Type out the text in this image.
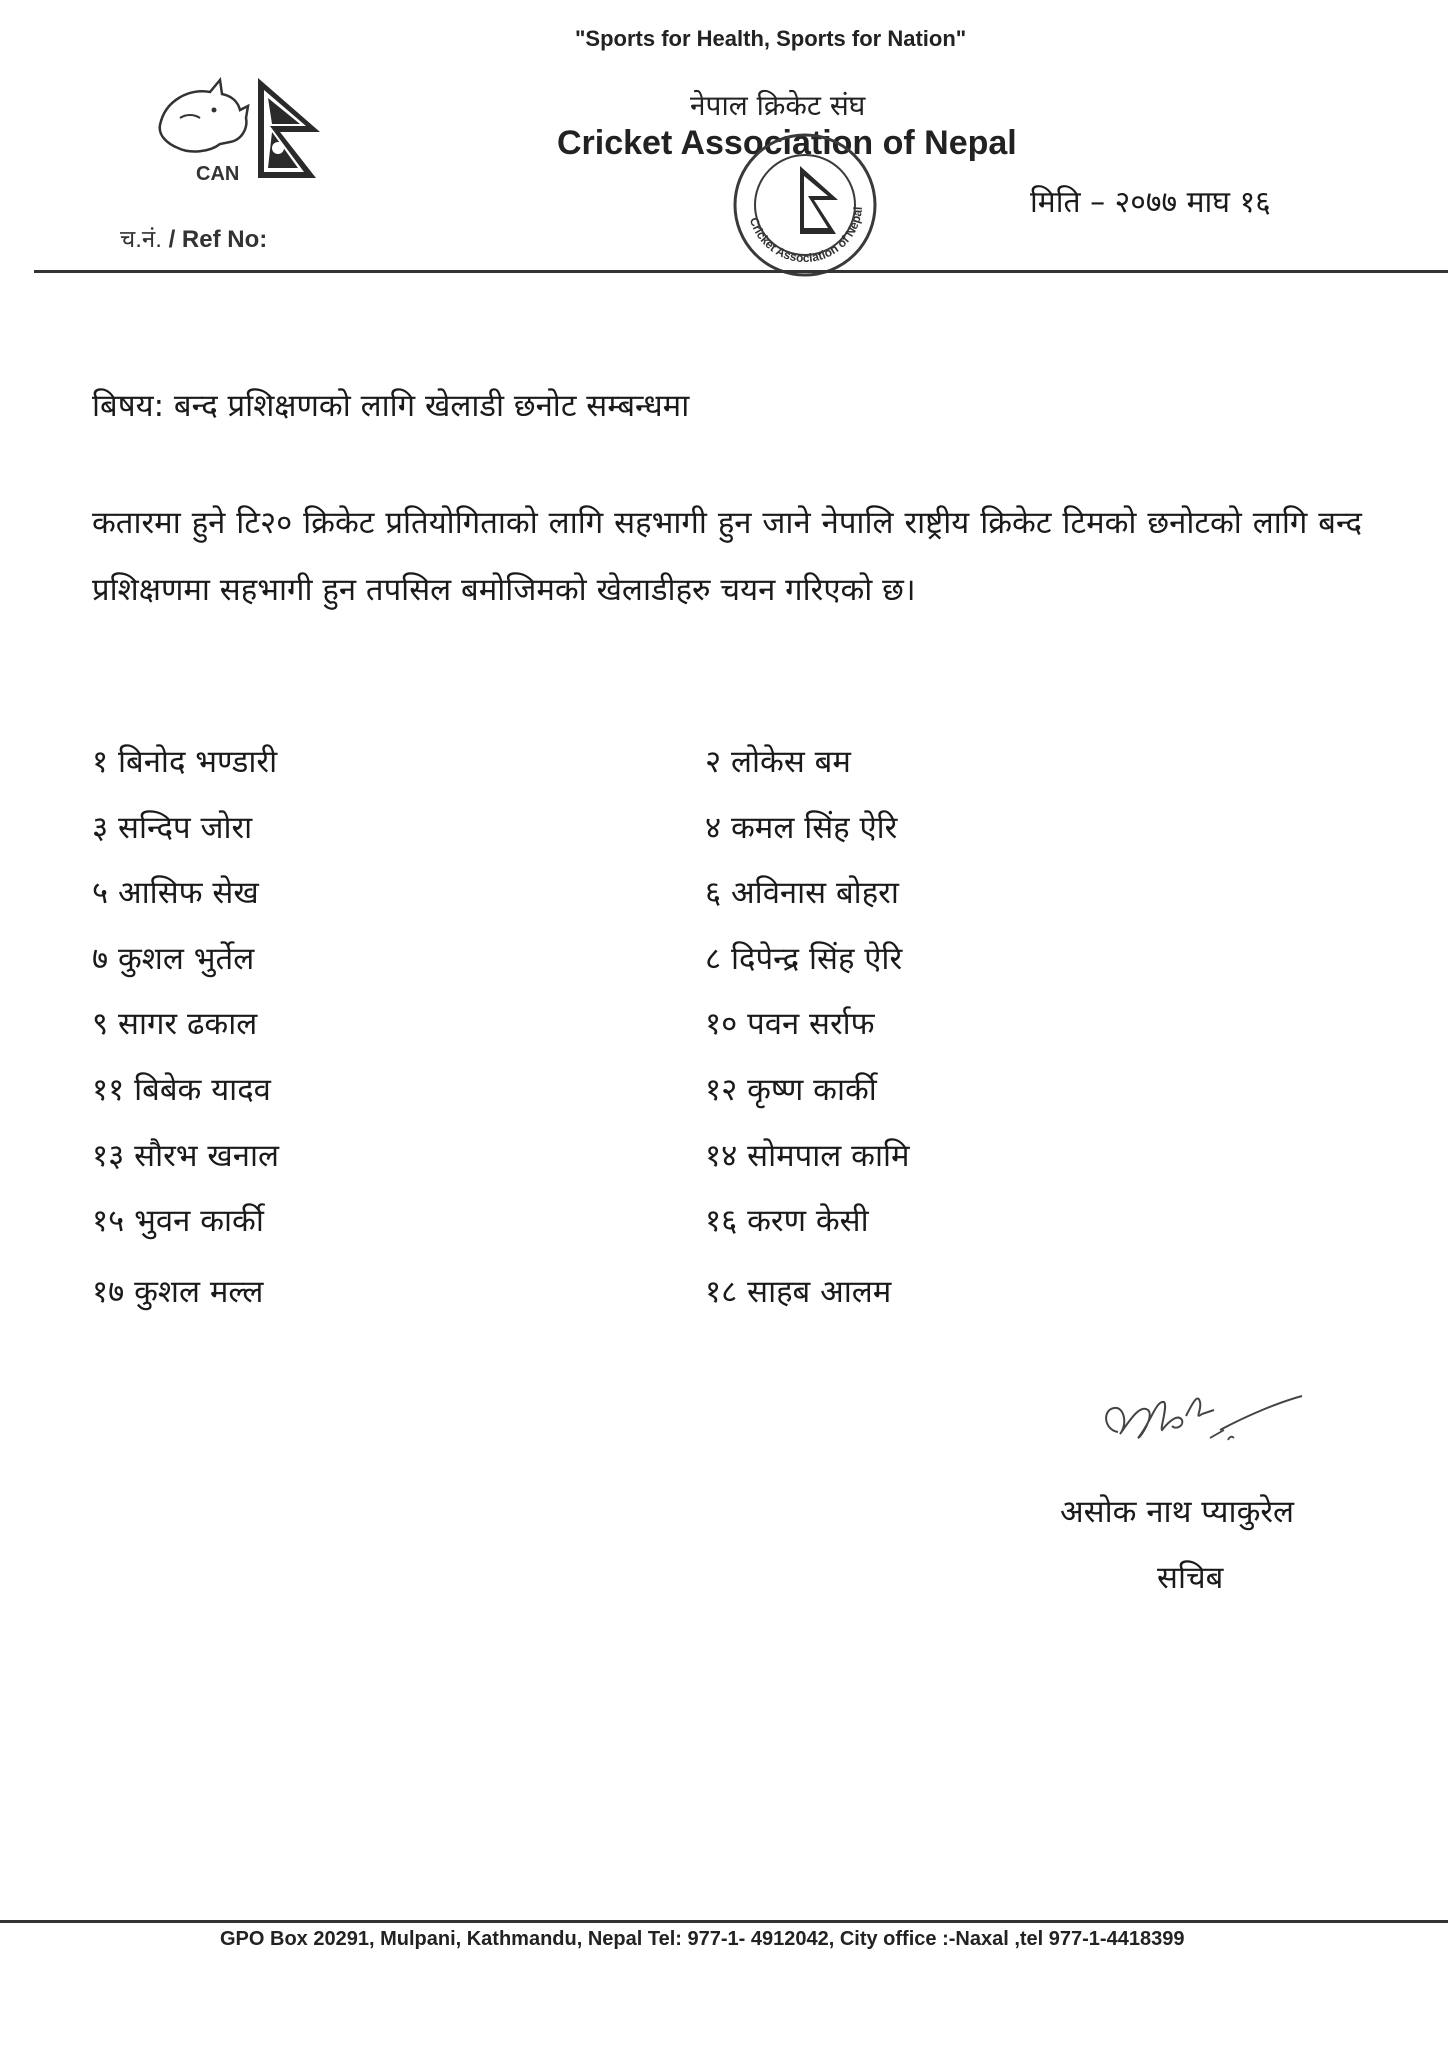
"Sports for Health, Sports for Nation"
CAN
नेपाल क्रिकेट संघ
Cricket Association of Nepal
Cricket Association of Nepal	मिति – २०७७ माघ १६
च.नं. / Ref No:
बिषय: बन्द प्रशिक्षणको लागि खेलाडी छनोट सम्बन्धमा
कतारमा हुने टि२० क्रिकेट प्रतियोगिताको लागि सहभागी हुन जाने नेपालि राष्ट्रीय क्रिकेट टिमको छनोटको लागि बन्द प्रशिक्षणमा सहभागी हुन तपसिल बमोजिमको खेलाडीहरु चयन गरिएको छ।
१ बिनोद भण्डारी	२ लोकेस बम
३ सन्दिप जोरा	४ कमल सिंह ऐरि
५ आसिफ सेख	६ अविनास बोहरा
७ कुशल भुर्तेल	८ दिपेन्द्र सिंह ऐरि
९ सागर ढकाल	१० पवन सर्राफ
११ बिबेक यादव	१२ कृष्ण कार्की
१३ सौरभ खनाल	१४ सोमपाल कामि
१५ भुवन कार्की	१६ करण केसी
१७ कुशल मल्ल	१८ साहब आलम
असोक नाथ प्याकुरेल
सचिब
GPO Box 20291, Mulpani, Kathmandu, Nepal Tel: 977-1- 4912042, City office :-Naxal ,tel 977-1-4418399
